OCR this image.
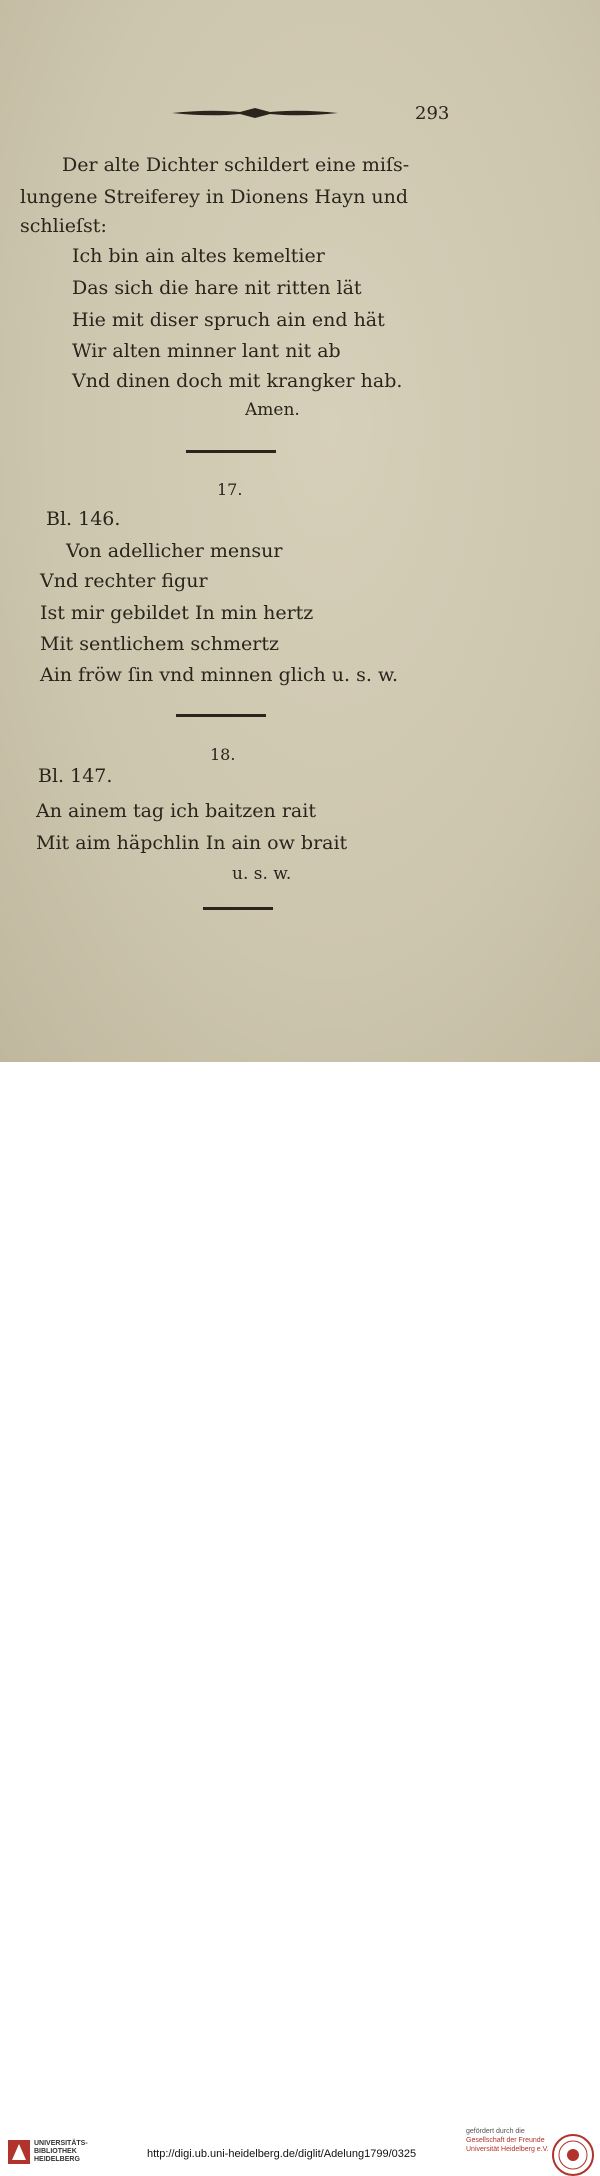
293
Der alte Dichter schildert eine miſs-
lungene Streiferey in Dionens Hayn und
schlieſst:
Ich bin ain altes kemeltier
Das sich die hare nit ritten lät
Hie mit diser spruch ain end hät
Wir alten minner lant nit ab
Vnd dinen doch mit krangker hab.
Amen.
17.
Bl. 146.
Von adellicher mensur
Vnd rechter figur
Ist mir gebildet In min hertz
Mit sentlichem schmertz
Ain fröw ſin vnd minnen glich u. s. w.
18.
Bl. 147.
An ainem tag ich baitzen rait
Mit aim häpchlin In ain ow brait
u. s. w.
UNIVERSITÄTS-
BIBLIOTHEK
HEIDELBERG	http://digi.ub.uni-heidelberg.de/diglit/Adelung1799/0325
gefördert durch die
Gesellschaft der Freunde
Universität Heidelberg e.V.
